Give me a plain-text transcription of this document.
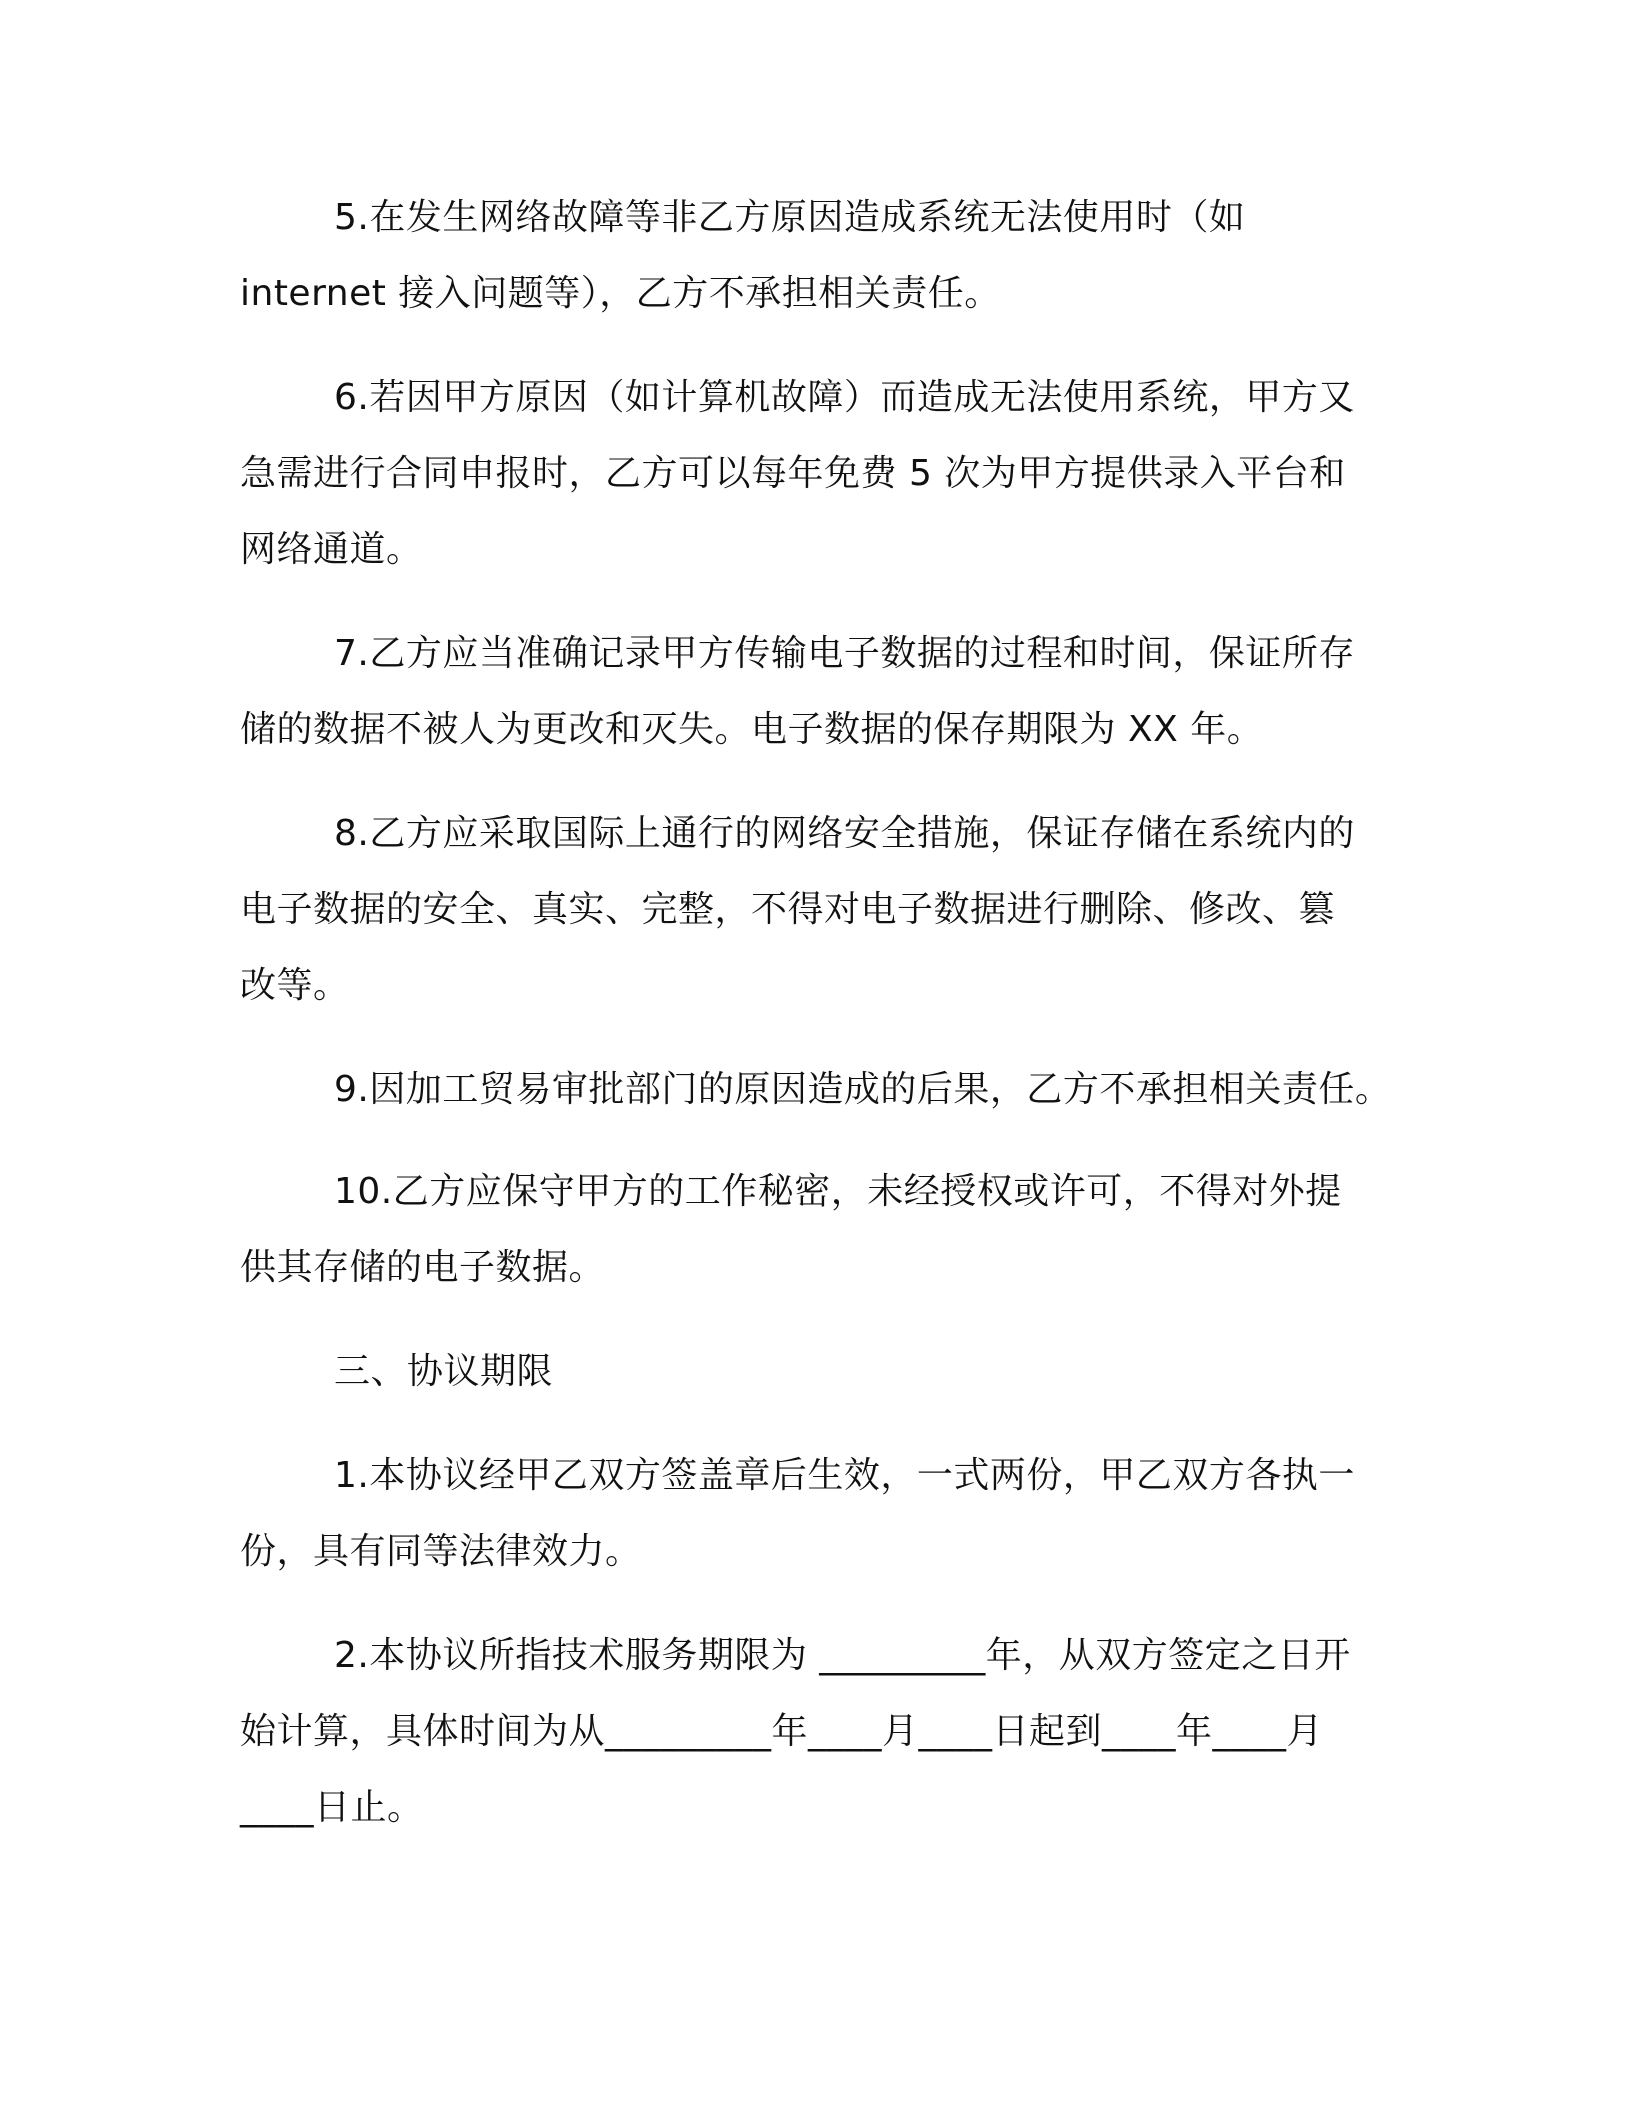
5.在发生网络故障等非乙方原因造成系统无法使用时（如
internet 接入问题等），乙方不承担相关责任。
6.若因甲方原因（如计算机故障）而造成无法使用系统，甲方又
急需进行合同申报时，乙方可以每年免费 5 次为甲方提供录入平台和
网络通道。
7.乙方应当准确记录甲方传输电子数据的过程和时间，保证所存
储的数据不被人为更改和灭失。电子数据的保存期限为 XX 年。
8.乙方应采取国际上通行的网络安全措施，保证存储在系统内的
电子数据的安全、真实、完整，不得对电子数据进行删除、修改、篡
改等。
9.因加工贸易审批部门的原因造成的后果，乙方不承担相关责任。
10.乙方应保守甲方的工作秘密，未经授权或许可，不得对外提
供其存储的电子数据。
三、协议期限
1.本协议经甲乙双方签盖章后生效，一式两份，甲乙双方各执一
份，具有同等法律效力。
2.本协议所指技术服务期限为 _________年，从双方签定之日开
始计算，具体时间为从_________年____月____日起到____年____月
____日止。
